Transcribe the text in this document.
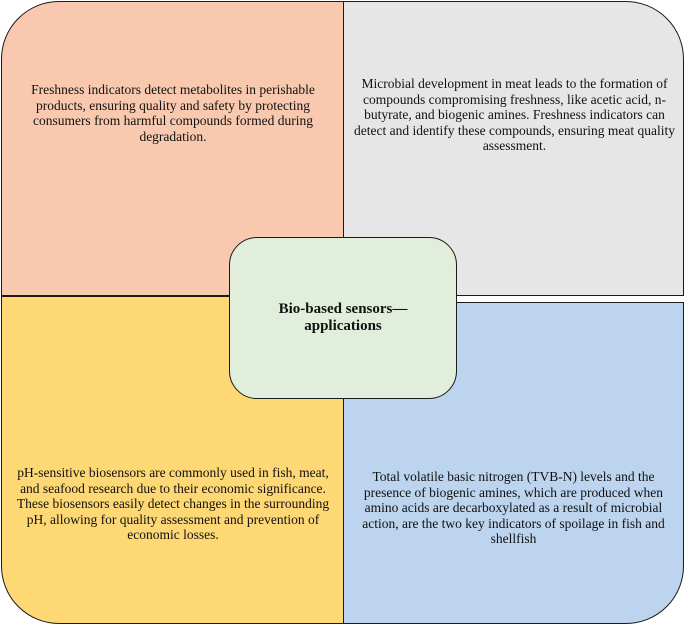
Freshness indicators detect metabolites in perishable products, ensuring quality and safety by protecting consumers from harmful compounds formed during degradation.
Microbial development in meat leads to the formation of compounds compromising freshness, like acetic acid, n-butyrate, and biogenic amines. Freshness indicators can detect and identify these compounds, ensuring meat quality assessment.
pH-sensitive biosensors are commonly used in fish, meat, and seafood research due to their economic significance. These biosensors easily detect changes in the surrounding pH, allowing for quality assessment and prevention of economic losses.
Total volatile basic nitrogen (TVB-N) levels and the presence of biogenic amines, which are produced when amino acids are decarboxylated as a result of microbial action, are the two key indicators of spoilage in fish and shellfish
Bio-based sensors—applications
